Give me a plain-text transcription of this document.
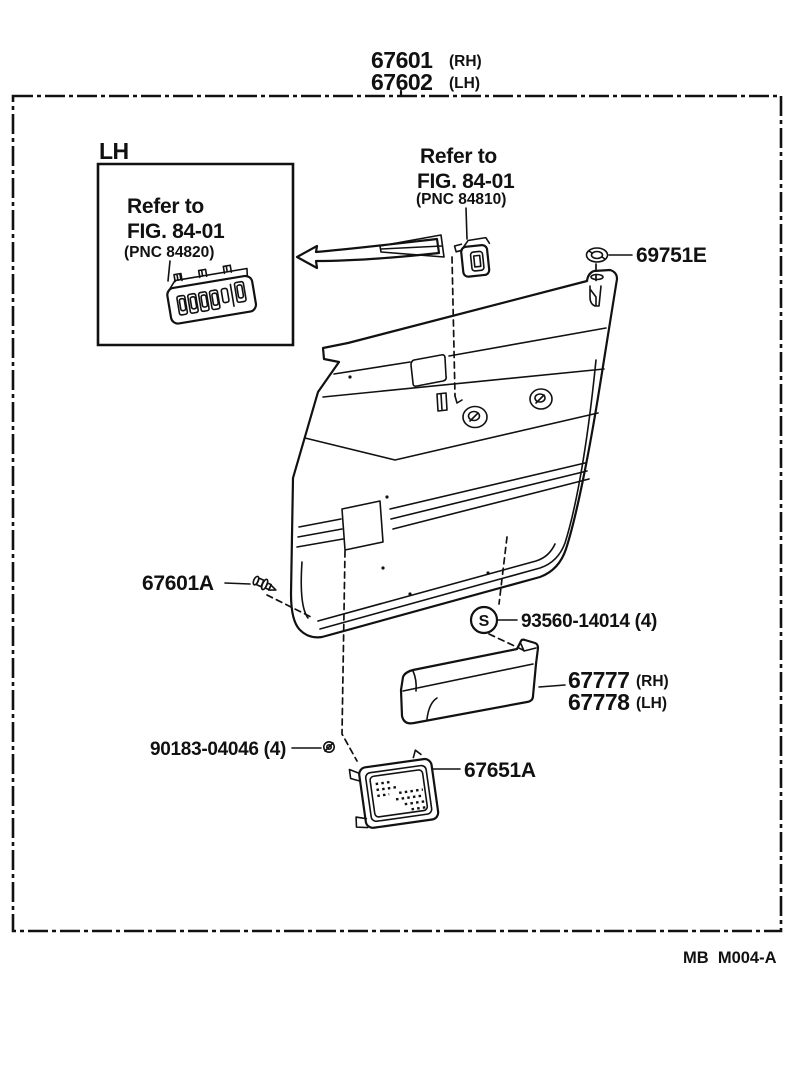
67601 (RH)
67602 (LH)
LH
Refer to
FIG. 84-01
(PNC 84820)
Refer to
FIG. 84-01
(PNC 84810)
69751E
67601A
S 93560-14014 (4)
67777 (RH)
67778 (LH)
90183-04046 (4)
67651A
MB  M004-A
